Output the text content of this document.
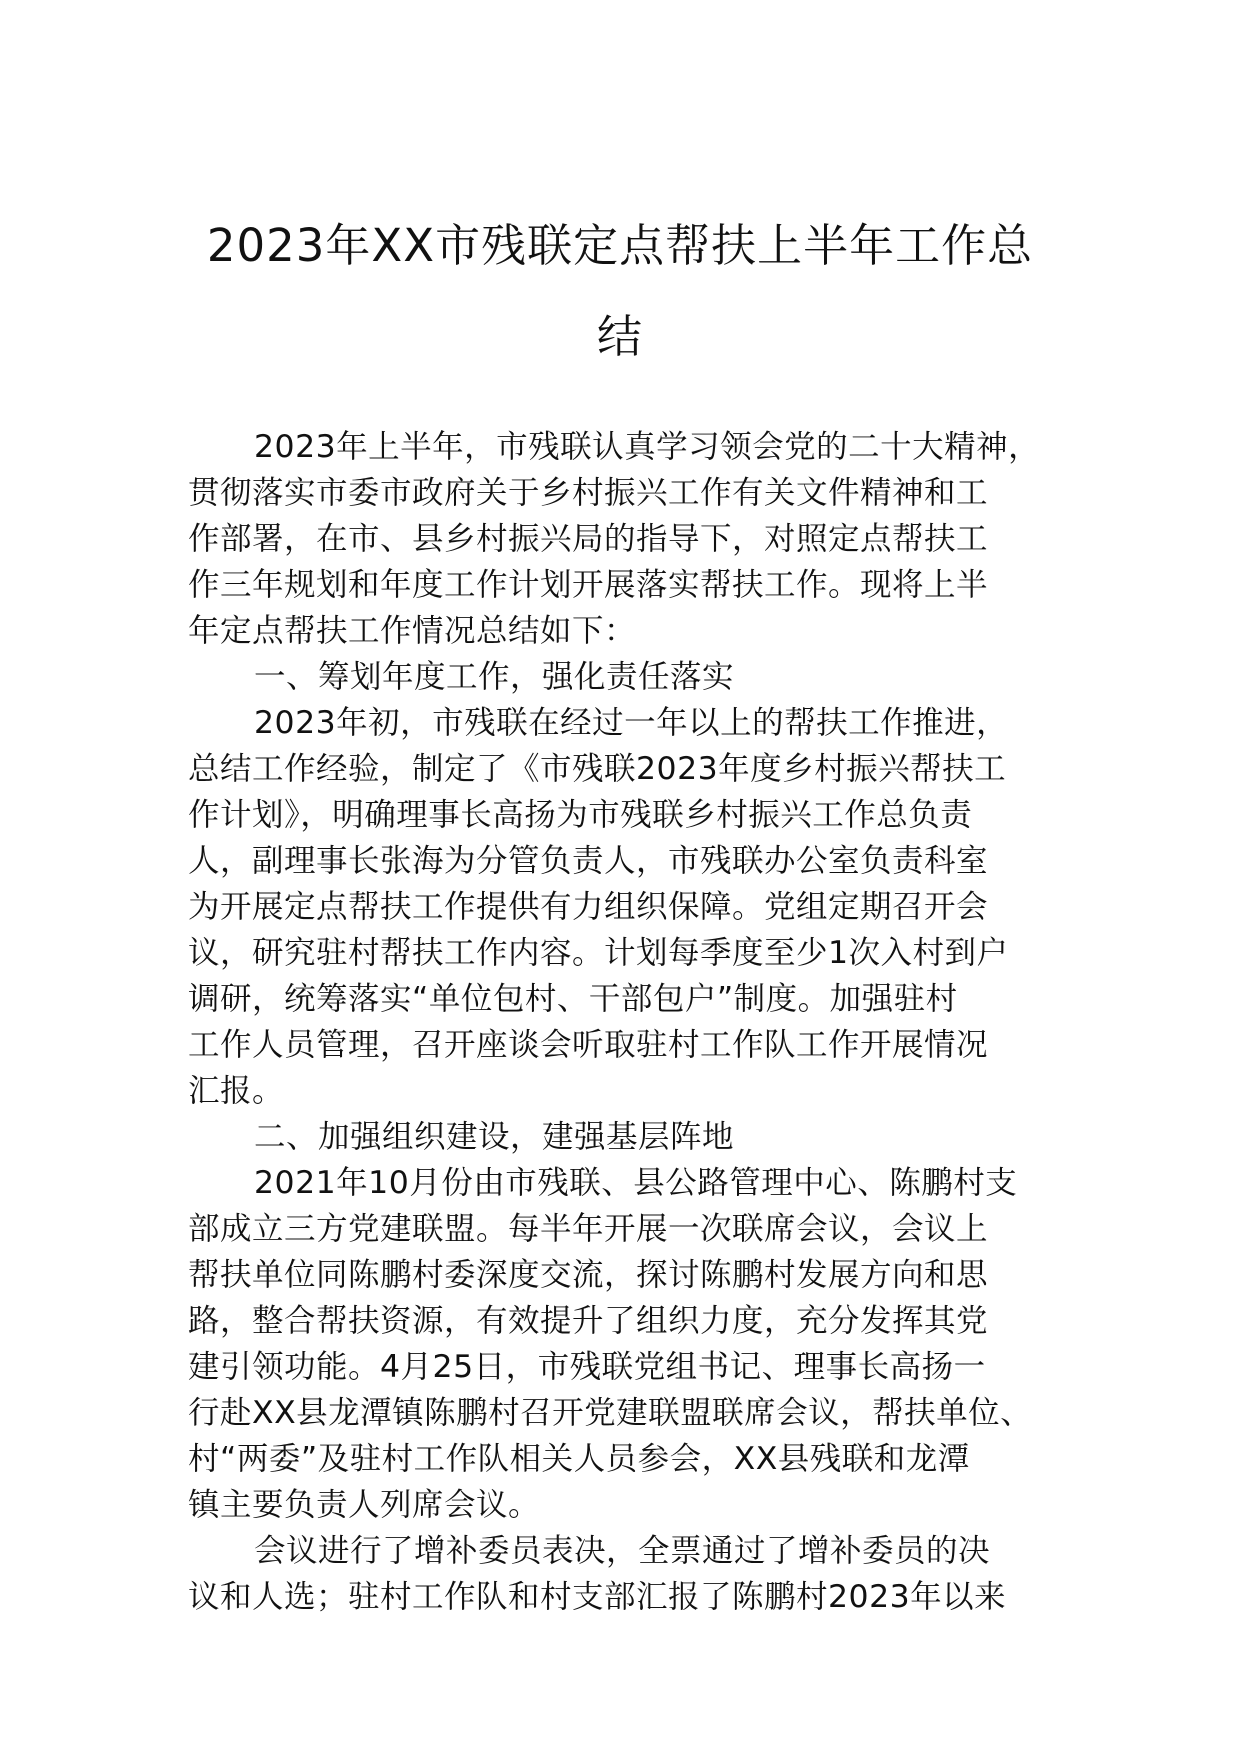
2023年XX市残联定点帮扶上半年工作总
结

2023年上半年，市残联认真学习领会党的二十大精神，
贯彻落实市委市政府关于乡村振兴工作有关文件精神和工
作部署，在市、县乡村振兴局的指导下，对照定点帮扶工
作三年规划和年度工作计划开展落实帮扶工作。现将上半
年定点帮扶工作情况总结如下：

一、筹划年度工作，强化责任落实

2023年初，市残联在经过一年以上的帮扶工作推进，
总结工作经验，制定了《市残联2023年度乡村振兴帮扶工
作计划》，明确理事长高扬为市残联乡村振兴工作总负责
人，副理事长张海为分管负责人，市残联办公室负责科室
为开展定点帮扶工作提供有力组织保障。党组定期召开会
议，研究驻村帮扶工作内容。计划每季度至少1次入村到户
调研，统筹落实“单位包村、干部包户”制度。加强驻村
工作人员管理，召开座谈会听取驻村工作队工作开展情况
汇报。

二、加强组织建设，建强基层阵地

2021年10月份由市残联、县公路管理中心、陈鹏村支
部成立三方党建联盟。每半年开展一次联席会议，会议上
帮扶单位同陈鹏村委深度交流，探讨陈鹏村发展方向和思
路，整合帮扶资源，有效提升了组织力度，充分发挥其党
建引领功能。4月25日，市残联党组书记、理事长高扬一
行赴XX县龙潭镇陈鹏村召开党建联盟联席会议，帮扶单位、
村“两委”及驻村工作队相关人员参会，XX县残联和龙潭
镇主要负责人列席会议。

会议进行了增补委员表决，全票通过了增补委员的决
议和人选；驻村工作队和村支部汇报了陈鹏村2023年以来
